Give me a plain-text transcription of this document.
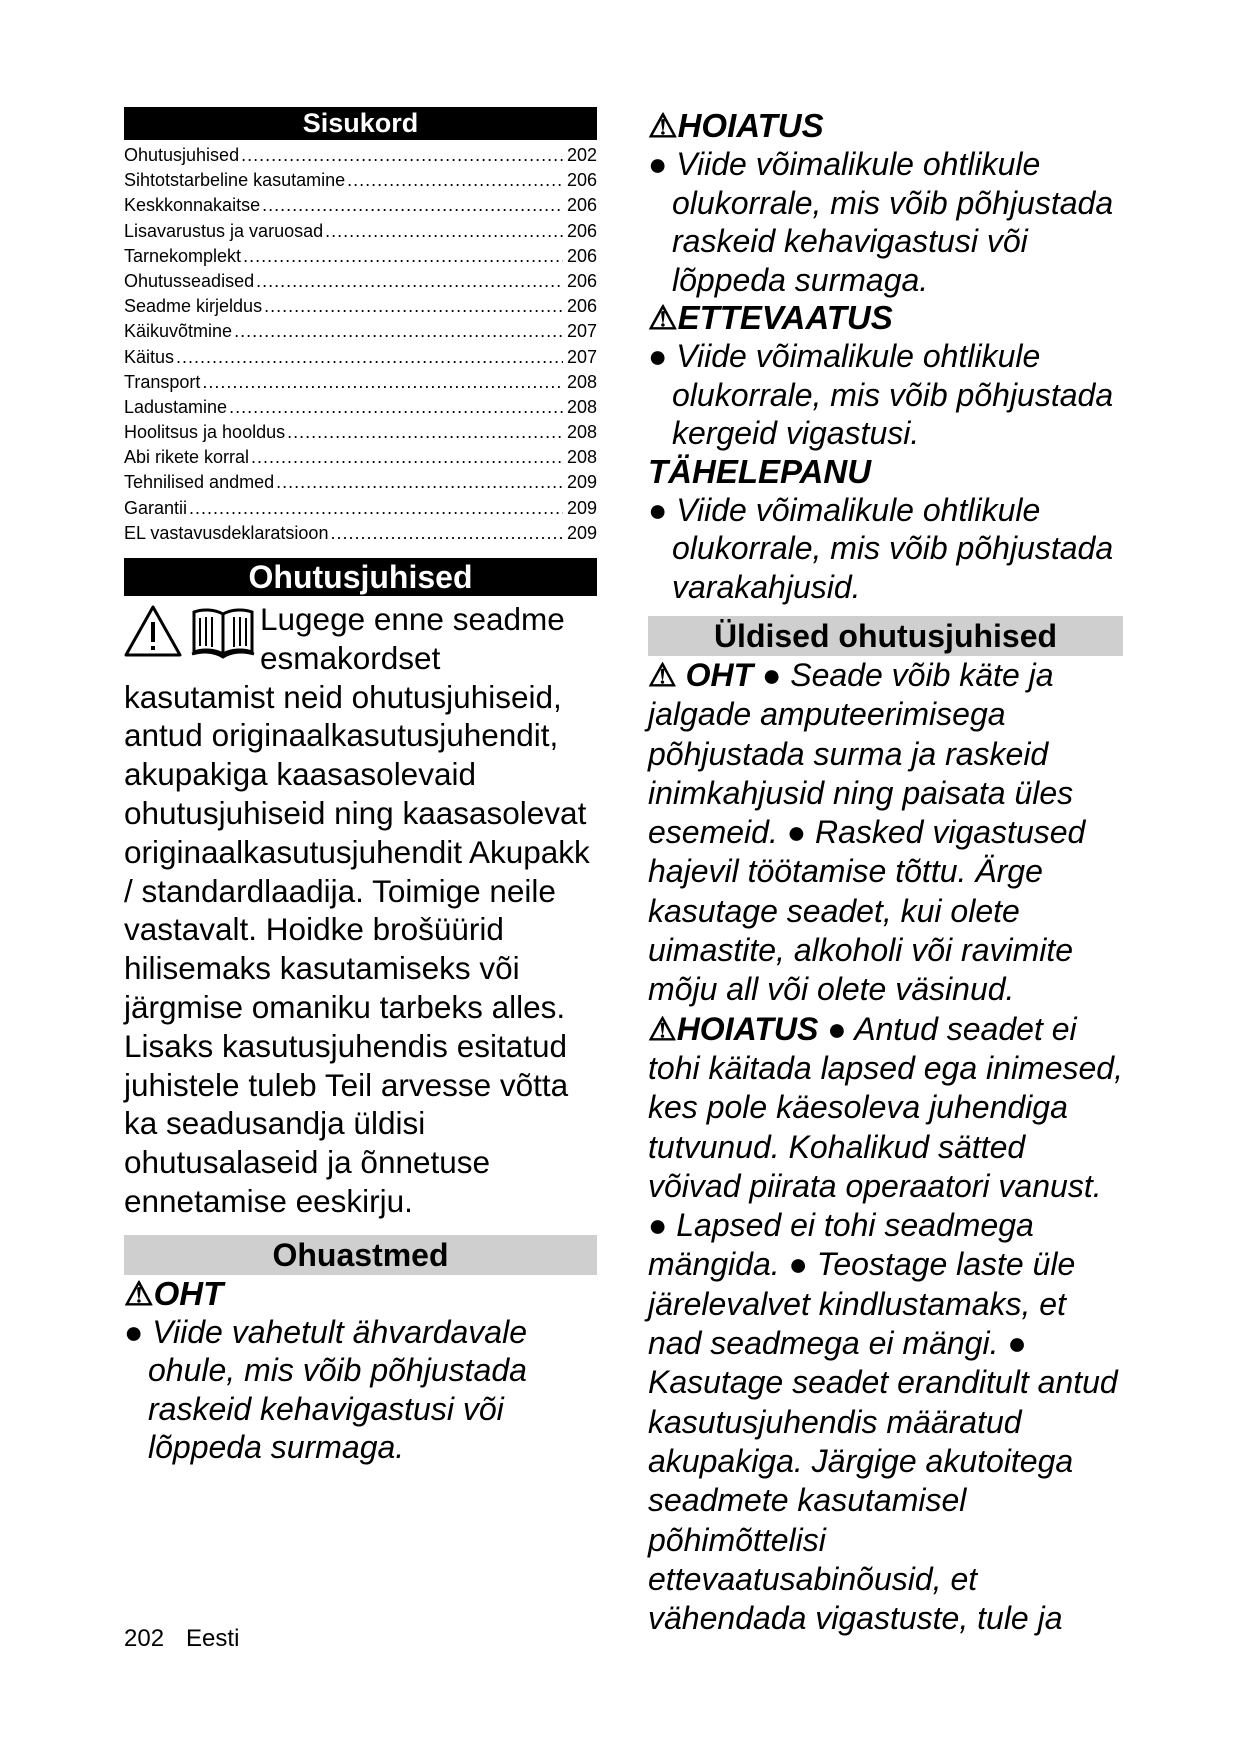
Sisukord
Ohutusjuhised .....	202
Sihtotstarbeline kasutamine .....	206
Keskkonnakaitse .....	206
Lisavarustus ja varuosad .....	206
Tarnekomplekt .....	206
Ohutusseadised .....	206
Seadme kirjeldus .....	206
Käikuvõtmine .....	207
Käitus .....	207
Transport .....	208
Ladustamine .....	208
Hoolitsus ja hooldus .....	208
Abi rikete korral .....	208
Tehnilised andmed .....	209
Garantii .....	209
EL vastavusdeklaratsioon .....	209
Ohutusjuhised

Lugege enne seadme esmakordset kasutamist neid ohutusjuhiseid, antud originaalkasutusjuhendit, akupakiga kaasasolevaid ohutusjuhiseid ning kaasasolevat originaalkasutusjuhendit Akupakk / standardlaadija. Toimige neile vastavalt. Hoidke brošüürid hilisemaks kasutamiseks või järgmise omaniku tarbeks alles.

Lisaks kasutusjuhendis esitatud juhistele tuleb Teil arvesse võtta ka seadusandja üldisi ohutusalaseid ja õnnetuse ennetamise eeskirju.

Ohuastmed
⚠OHT

● Viide vahetult ähvardavale ohule, mis võib põhjustada raskeid kehavigastusi või lõppeda surmaga.

⚠HOIATUS

● Viide võimalikule ohtlikule olukorrale, mis võib põhjustada raskeid kehavigastusi või lõppeda surmaga.

⚠ETTEVAATUS

● Viide võimalikule ohtlikule olukorrale, mis võib põhjustada kergeid vigastusi.

TÄHELEPANU

● Viide võimalikule ohtlikule olukorrale, mis võib põhjustada varakahjusid.

Üldised ohutusjuhised

⚠ OHT ● Seade võib käte ja jalgade amputeerimisega põhjustada surma ja raskeid inimkahjusid ning paisata üles esemeid. ● Rasked vigastused hajevil töötamise tõttu. Ärge kasutage seadet, kui olete uimastite, alkoholi või ravimite mõju all või olete väsinud.

⚠HOIATUS ● Antud seadet ei tohi käitada lapsed ega inimesed, kes pole käesoleva juhendiga tutvunud. Kohalikud sätted võivad piirata operaatori vanust. ● Lapsed ei tohi seadmega mängida. ● Teostage laste üle järelevalvet kindlustamaks, et nad seadmega ei mängi. ● Kasutage seadet eranditult antud kasutusjuhendis määratud akupakiga. Järgige akutoitega seadmete kasutamisel põhimõttelisi ettevaatusabinõusid, et vähendada vigastuste, tule ja

202 Eesti
